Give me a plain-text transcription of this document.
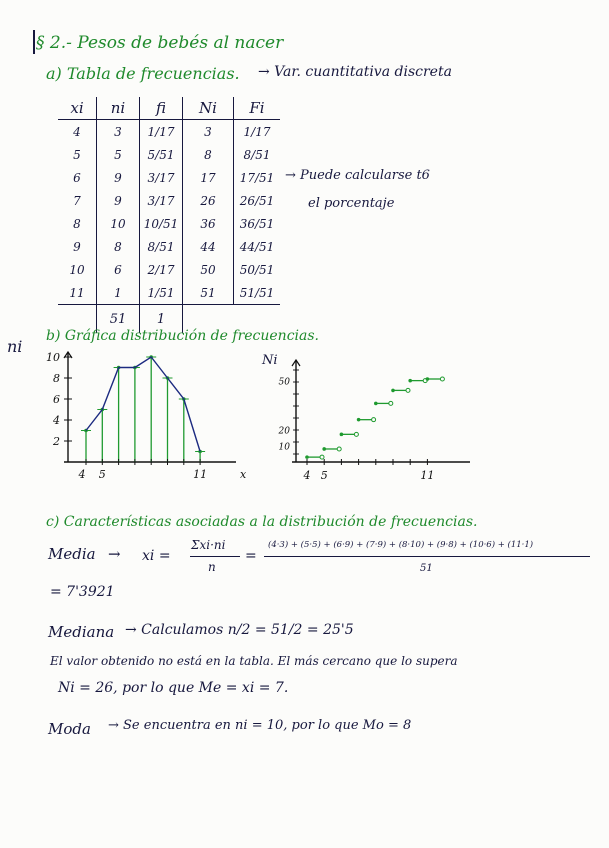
§ 2.- Pesos de bebés al nacer
a) Tabla de frecuencias. → Var. cuantitativa discreta
xi	ni	fi	Ni	Fi
4	3	1/17	3	1/17
5	5	5/51	8	8/51
6	9	3/17	17	17/51
7	9	3/17	26	26/51
8	10	10/51	36	36/51
9	8	8/51	44	44/51
10	6	2/17	50	50/51
11	1	1/51	51	51/51
	51	1		
→ Puede calcularse t6
el porcentaje
b) Gráfica distribución de frecuencias.
ni
2
4
6
8
10
4 5	11	x
Ni
10
20
50
4 5	11
c) Características asociadas a la distribución de frecuencias.
Media → xi =
Σxi·ni
n
=
(4·3) + (5·5) + (6·9) + (7·9) + (8·10) + (9·8) + (10·6) + (11·1)
51
= 7'3921
Mediana → Calculamos n/2 = 51/2 = 25'5
El valor obtenido no está en la tabla. El más cercano que lo supera
Ni = 26, por lo que Me = xi = 7.
Moda → Se encuentra en ni = 10, por lo que Mo = 8
